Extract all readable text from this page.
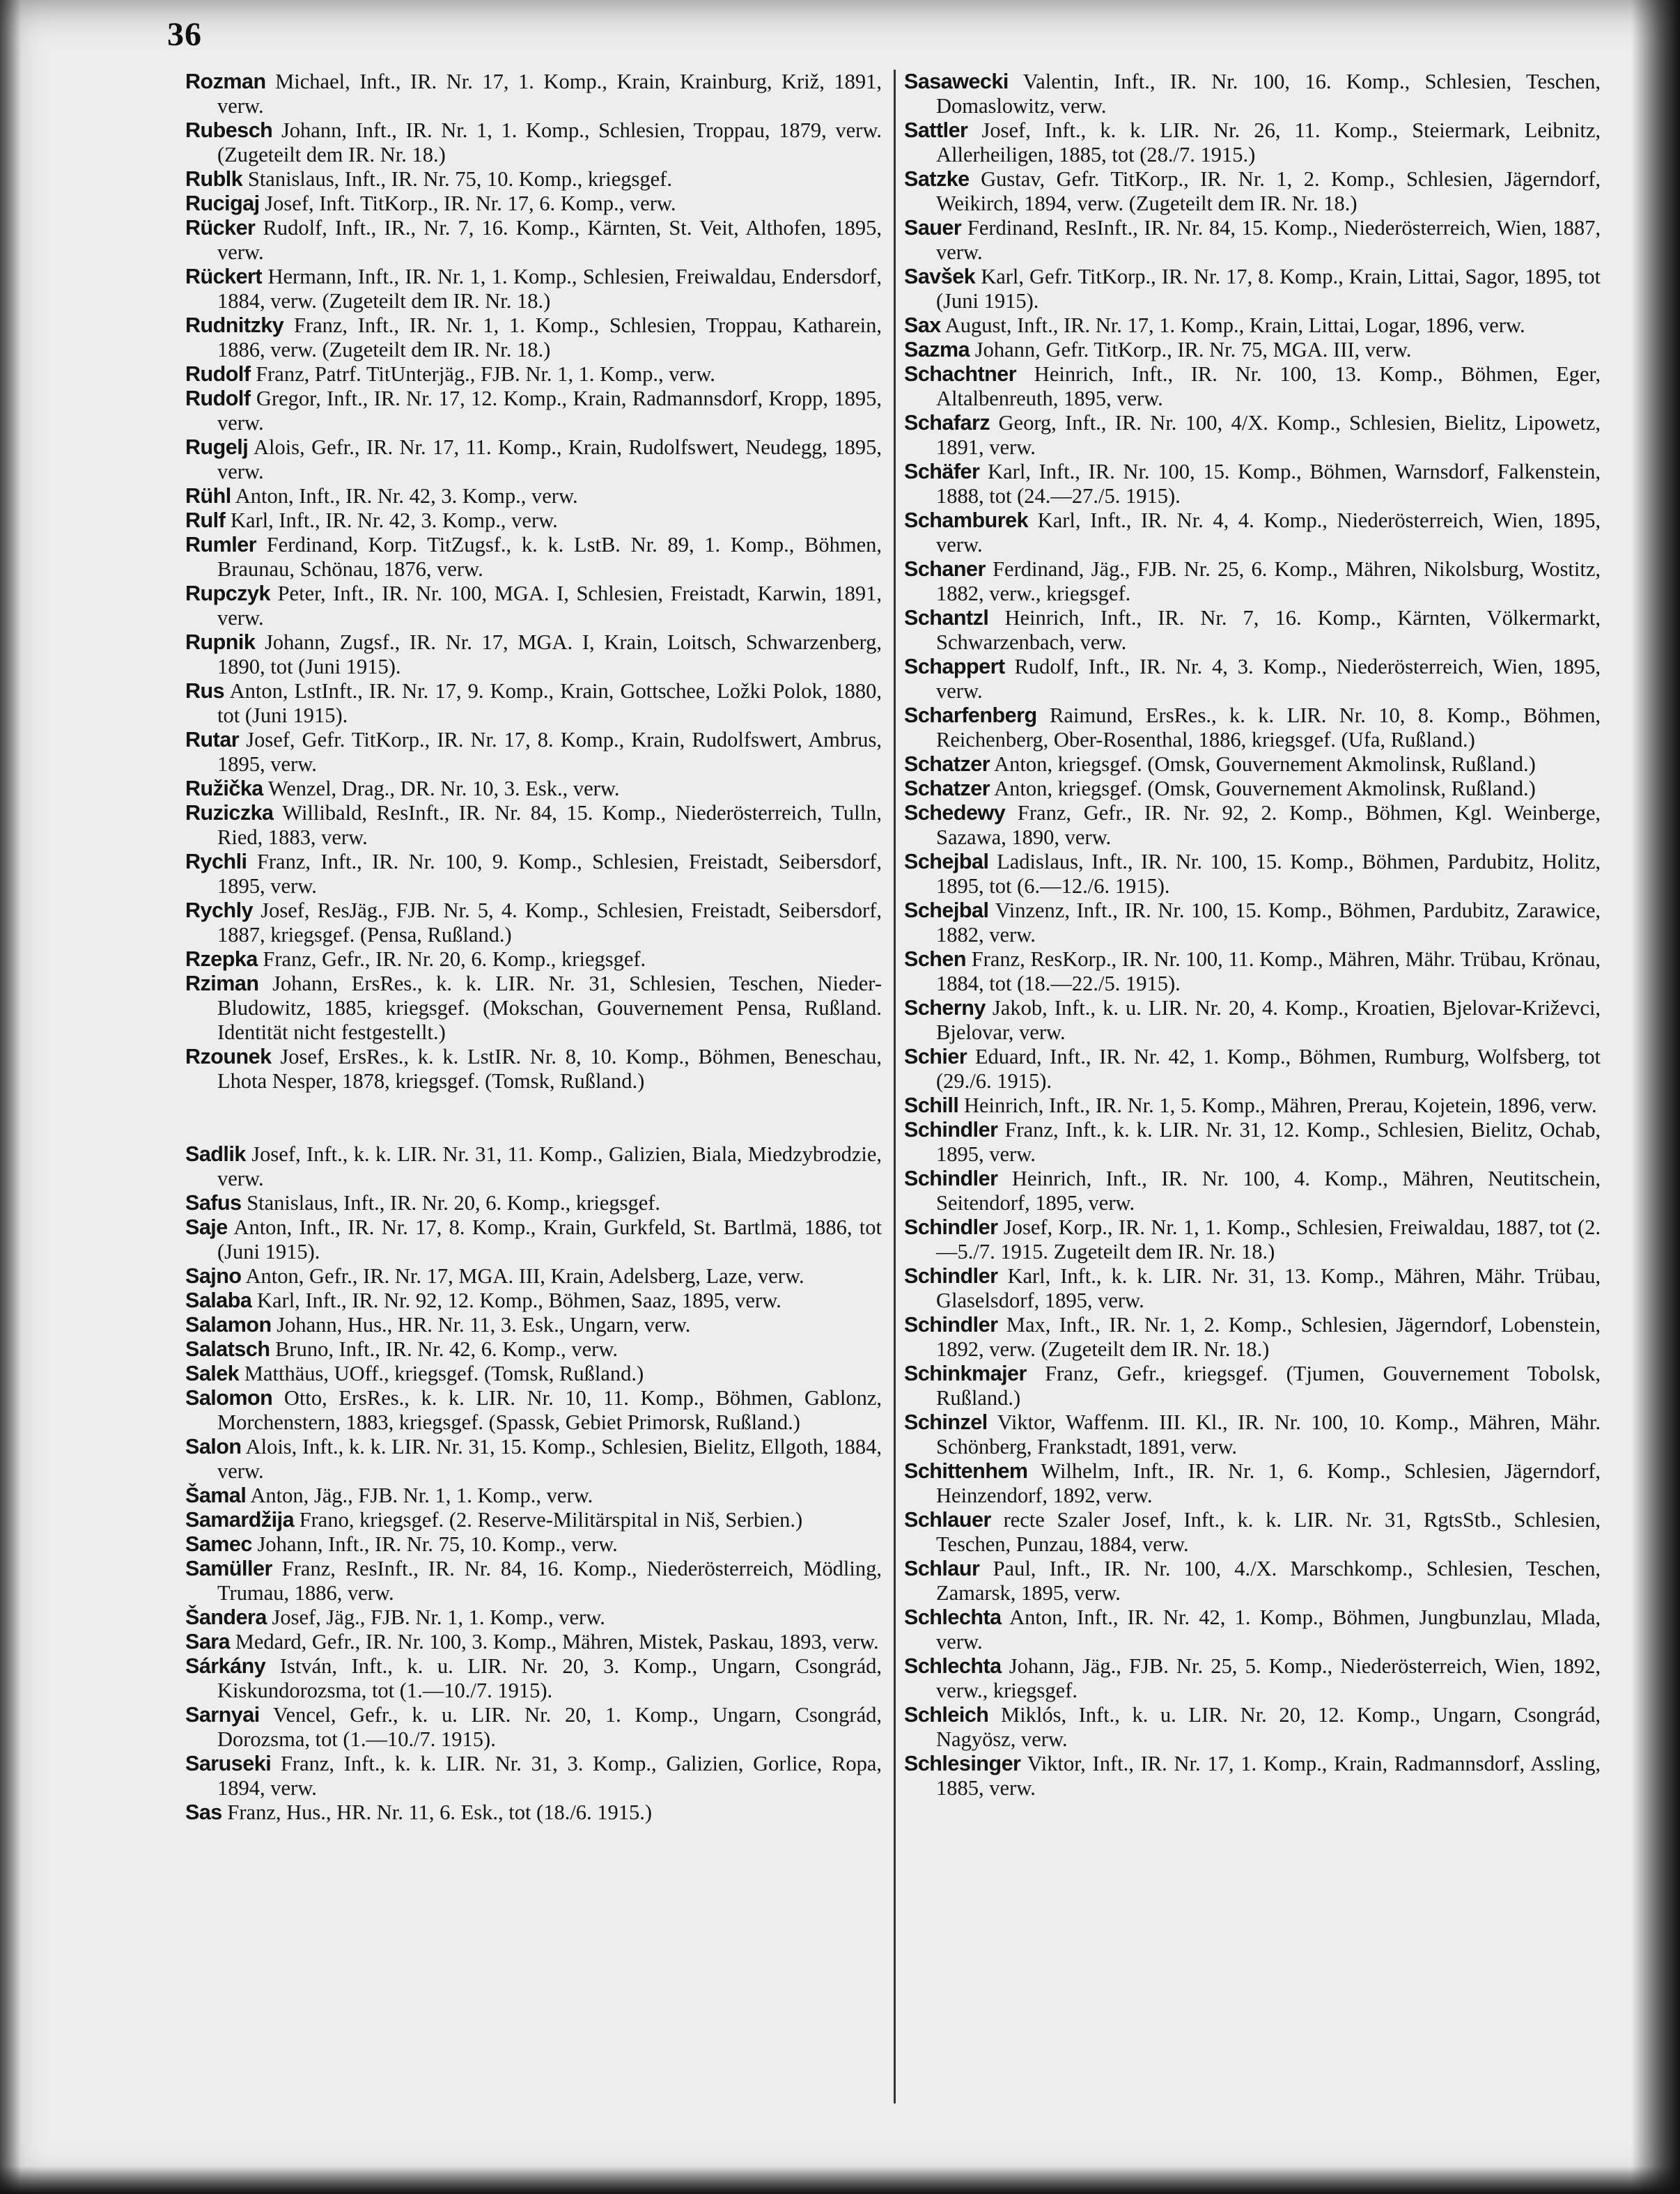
36
Rozman Michael, Inft., IR. Nr. 17, 1. Komp., Krain, Krainburg, Križ, 1891, verw.
Rubesch Johann, Inft., IR. Nr. 1, 1. Komp., Schlesien, Troppau, 1879, verw. (Zugeteilt dem IR. Nr. 18.)
Rublk Stanislaus, Inft., IR. Nr. 75, 10. Komp., kriegsgef.
Rucigaj Josef, Inft. TitKorp., IR. Nr. 17, 6. Komp., verw.
Rücker Rudolf, Inft., IR., Nr. 7, 16. Komp., Kärnten, St. Veit, Althofen, 1895, verw.
Rückert Hermann, Inft., IR. Nr. 1, 1. Komp., Schlesien, Freiwaldau, Endersdorf, 1884, verw. (Zugeteilt dem IR. Nr. 18.)
Rudnitzky Franz, Inft., IR. Nr. 1, 1. Komp., Schlesien, Troppau, Katharein, 1886, verw. (Zugeteilt dem IR. Nr. 18.)
Rudolf Franz, Patrf. TitUnterjäg., FJB. Nr. 1, 1. Komp., verw.
Rudolf Gregor, Inft., IR. Nr. 17, 12. Komp., Krain, Radmannsdorf, Kropp, 1895, verw.
Rugelj Alois, Gefr., IR. Nr. 17, 11. Komp., Krain, Rudolfswert, Neudegg, 1895, verw.
Rühl Anton, Inft., IR. Nr. 42, 3. Komp., verw.
Rulf Karl, Inft., IR. Nr. 42, 3. Komp., verw.
Rumler Ferdinand, Korp. TitZugsf., k. k. LstB. Nr. 89, 1. Komp., Böhmen, Braunau, Schönau, 1876, verw.
Rupczyk Peter, Inft., IR. Nr. 100, MGA. I, Schlesien, Freistadt, Karwin, 1891, verw.
Rupnik Johann, Zugsf., IR. Nr. 17, MGA. I, Krain, Loitsch, Schwarzenberg, 1890, tot (Juni 1915).
Rus Anton, LstInft., IR. Nr. 17, 9. Komp., Krain, Gottschee, Ložki Polok, 1880, tot (Juni 1915).
Rutar Josef, Gefr. TitKorp., IR. Nr. 17, 8. Komp., Krain, Rudolfswert, Ambrus, 1895, verw.
Ružička Wenzel, Drag., DR. Nr. 10, 3. Esk., verw.
Ruziczka Willibald, ResInft., IR. Nr. 84, 15. Komp., Niederösterreich, Tulln, Ried, 1883, verw.
Rychli Franz, Inft., IR. Nr. 100, 9. Komp., Schlesien, Freistadt, Seibersdorf, 1895, verw.
Rychly Josef, ResJäg., FJB. Nr. 5, 4. Komp., Schlesien, Freistadt, Seibersdorf, 1887, kriegsgef. (Pensa, Rußland.)
Rzepka Franz, Gefr., IR. Nr. 20, 6. Komp., kriegsgef.
Rziman Johann, ErsRes., k. k. LIR. Nr. 31, Schlesien, Teschen, Nieder-Bludowitz, 1885, kriegsgef. (Mokschan, Gouvernement Pensa, Rußland. Identität nicht festgestellt.)
Rzounek Josef, ErsRes., k. k. LstIR. Nr. 8, 10. Komp., Böhmen, Beneschau, Lhota Nesper, 1878, kriegsgef. (Tomsk, Rußland.)
Sadlik Josef, Inft., k. k. LIR. Nr. 31, 11. Komp., Galizien, Biala, Miedzybrodzie, verw.
Safus Stanislaus, Inft., IR. Nr. 20, 6. Komp., kriegsgef.
Saje Anton, Inft., IR. Nr. 17, 8. Komp., Krain, Gurkfeld, St. Bartlmä, 1886, tot (Juni 1915).
Sajno Anton, Gefr., IR. Nr. 17, MGA. III, Krain, Adelsberg, Laze, verw.
Salaba Karl, Inft., IR. Nr. 92, 12. Komp., Böhmen, Saaz, 1895, verw.
Salamon Johann, Hus., HR. Nr. 11, 3. Esk., Ungarn, verw.
Salatsch Bruno, Inft., IR. Nr. 42, 6. Komp., verw.
Salek Matthäus, UOff., kriegsgef. (Tomsk, Rußland.)
Salomon Otto, ErsRes., k. k. LIR. Nr. 10, 11. Komp., Böhmen, Gablonz, Morchenstern, 1883, kriegsgef. (Spassk, Gebiet Primorsk, Rußland.)
Salon Alois, Inft., k. k. LIR. Nr. 31, 15. Komp., Schlesien, Bielitz, Ellgoth, 1884, verw.
Šamal Anton, Jäg., FJB. Nr. 1, 1. Komp., verw.
Samardžija Frano, kriegsgef. (2. Reserve-Militärspital in Niš, Serbien.)
Samec Johann, Inft., IR. Nr. 75, 10. Komp., verw.
Samüller Franz, ResInft., IR. Nr. 84, 16. Komp., Niederösterreich, Mödling, Trumau, 1886, verw.
Šandera Josef, Jäg., FJB. Nr. 1, 1. Komp., verw.
Sara Medard, Gefr., IR. Nr. 100, 3. Komp., Mähren, Mistek, Paskau, 1893, verw.
Sárkány István, Inft., k. u. LIR. Nr. 20, 3. Komp., Ungarn, Csongrád, Kiskundorozsma, tot (1.—10./7. 1915).
Sarnyai Vencel, Gefr., k. u. LIR. Nr. 20, 1. Komp., Ungarn, Csongrád, Dorozsma, tot (1.—10./7. 1915).
Saruseki Franz, Inft., k. k. LIR. Nr. 31, 3. Komp., Galizien, Gorlice, Ropa, 1894, verw.
Sas Franz, Hus., HR. Nr. 11, 6. Esk., tot (18./6. 1915.)
Sasawecki Valentin, Inft., IR. Nr. 100, 16. Komp., Schlesien, Teschen, Domaslowitz, verw.
Sattler Josef, Inft., k. k. LIR. Nr. 26, 11. Komp., Steiermark, Leibnitz, Allerheiligen, 1885, tot (28./7. 1915.)
Satzke Gustav, Gefr. TitKorp., IR. Nr. 1, 2. Komp., Schlesien, Jägerndorf, Weikirch, 1894, verw. (Zugeteilt dem IR. Nr. 18.)
Sauer Ferdinand, ResInft., IR. Nr. 84, 15. Komp., Niederösterreich, Wien, 1887, verw.
Savšek Karl, Gefr. TitKorp., IR. Nr. 17, 8. Komp., Krain, Littai, Sagor, 1895, tot (Juni 1915).
Sax August, Inft., IR. Nr. 17, 1. Komp., Krain, Littai, Logar, 1896, verw.
Sazma Johann, Gefr. TitKorp., IR. Nr. 75, MGA. III, verw.
Schachtner Heinrich, Inft., IR. Nr. 100, 13. Komp., Böhmen, Eger, Altalbenreuth, 1895, verw.
Schafarz Georg, Inft., IR. Nr. 100, 4/X. Komp., Schlesien, Bielitz, Lipowetz, 1891, verw.
Schäfer Karl, Inft., IR. Nr. 100, 15. Komp., Böhmen, Warnsdorf, Falkenstein, 1888, tot (24.—27./5. 1915).
Schamburek Karl, Inft., IR. Nr. 4, 4. Komp., Niederösterreich, Wien, 1895, verw.
Schaner Ferdinand, Jäg., FJB. Nr. 25, 6. Komp., Mähren, Nikolsburg, Wostitz, 1882, verw., kriegsgef.
Schantzl Heinrich, Inft., IR. Nr. 7, 16. Komp., Kärnten, Völkermarkt, Schwarzenbach, verw.
Schappert Rudolf, Inft., IR. Nr. 4, 3. Komp., Niederösterreich, Wien, 1895, verw.
Scharfenberg Raimund, ErsRes., k. k. LIR. Nr. 10, 8. Komp., Böhmen, Reichenberg, Ober-Rosenthal, 1886, kriegsgef. (Ufa, Rußland.)
Schatzer Anton, kriegsgef. (Omsk, Gouvernement Akmolinsk, Rußland.)
Schatzer Anton, kriegsgef. (Omsk, Gouvernement Akmolinsk, Rußland.)
Schedewy Franz, Gefr., IR. Nr. 92, 2. Komp., Böhmen, Kgl. Weinberge, Sazawa, 1890, verw.
Schejbal Ladislaus, Inft., IR. Nr. 100, 15. Komp., Böhmen, Pardubitz, Holitz, 1895, tot (6.—12./6. 1915).
Schejbal Vinzenz, Inft., IR. Nr. 100, 15. Komp., Böhmen, Pardubitz, Zarawice, 1882, verw.
Schen Franz, ResKorp., IR. Nr. 100, 11. Komp., Mähren, Mähr. Trübau, Krönau, 1884, tot (18.—22./5. 1915).
Scherny Jakob, Inft., k. u. LIR. Nr. 20, 4. Komp., Kroatien, Bjelovar-Križevci, Bjelovar, verw.
Schier Eduard, Inft., IR. Nr. 42, 1. Komp., Böhmen, Rumburg, Wolfsberg, tot (29./6. 1915).
Schill Heinrich, Inft., IR. Nr. 1, 5. Komp., Mähren, Prerau, Kojetein, 1896, verw.
Schindler Franz, Inft., k. k. LIR. Nr. 31, 12. Komp., Schlesien, Bielitz, Ochab, 1895, verw.
Schindler Heinrich, Inft., IR. Nr. 100, 4. Komp., Mähren, Neutitschein, Seitendorf, 1895, verw.
Schindler Josef, Korp., IR. Nr. 1, 1. Komp., Schlesien, Freiwaldau, 1887, tot (2.—5./7. 1915. Zugeteilt dem IR. Nr. 18.)
Schindler Karl, Inft., k. k. LIR. Nr. 31, 13. Komp., Mähren, Mähr. Trübau, Glaselsdorf, 1895, verw.
Schindler Max, Inft., IR. Nr. 1, 2. Komp., Schlesien, Jägerndorf, Lobenstein, 1892, verw. (Zugeteilt dem IR. Nr. 18.)
Schinkmajer Franz, Gefr., kriegsgef. (Tjumen, Gouvernement Tobolsk, Rußland.)
Schinzel Viktor, Waffenm. III. Kl., IR. Nr. 100, 10. Komp., Mähren, Mähr. Schönberg, Frankstadt, 1891, verw.
Schittenhem Wilhelm, Inft., IR. Nr. 1, 6. Komp., Schlesien, Jägerndorf, Heinzendorf, 1892, verw.
Schlauer recte Szaler Josef, Inft., k. k. LIR. Nr. 31, RgtsStb., Schlesien, Teschen, Punzau, 1884, verw.
Schlaur Paul, Inft., IR. Nr. 100, 4./X. Marschkomp., Schlesien, Teschen, Zamarsk, 1895, verw.
Schlechta Anton, Inft., IR. Nr. 42, 1. Komp., Böhmen, Jungbunzlau, Mlada, verw.
Schlechta Johann, Jäg., FJB. Nr. 25, 5. Komp., Niederösterreich, Wien, 1892, verw., kriegsgef.
Schleich Miklós, Inft., k. u. LIR. Nr. 20, 12. Komp., Ungarn, Csongrád, Nagyösz, verw.
Schlesinger Viktor, Inft., IR. Nr. 17, 1. Komp., Krain, Radmannsdorf, Assling, 1885, verw.
